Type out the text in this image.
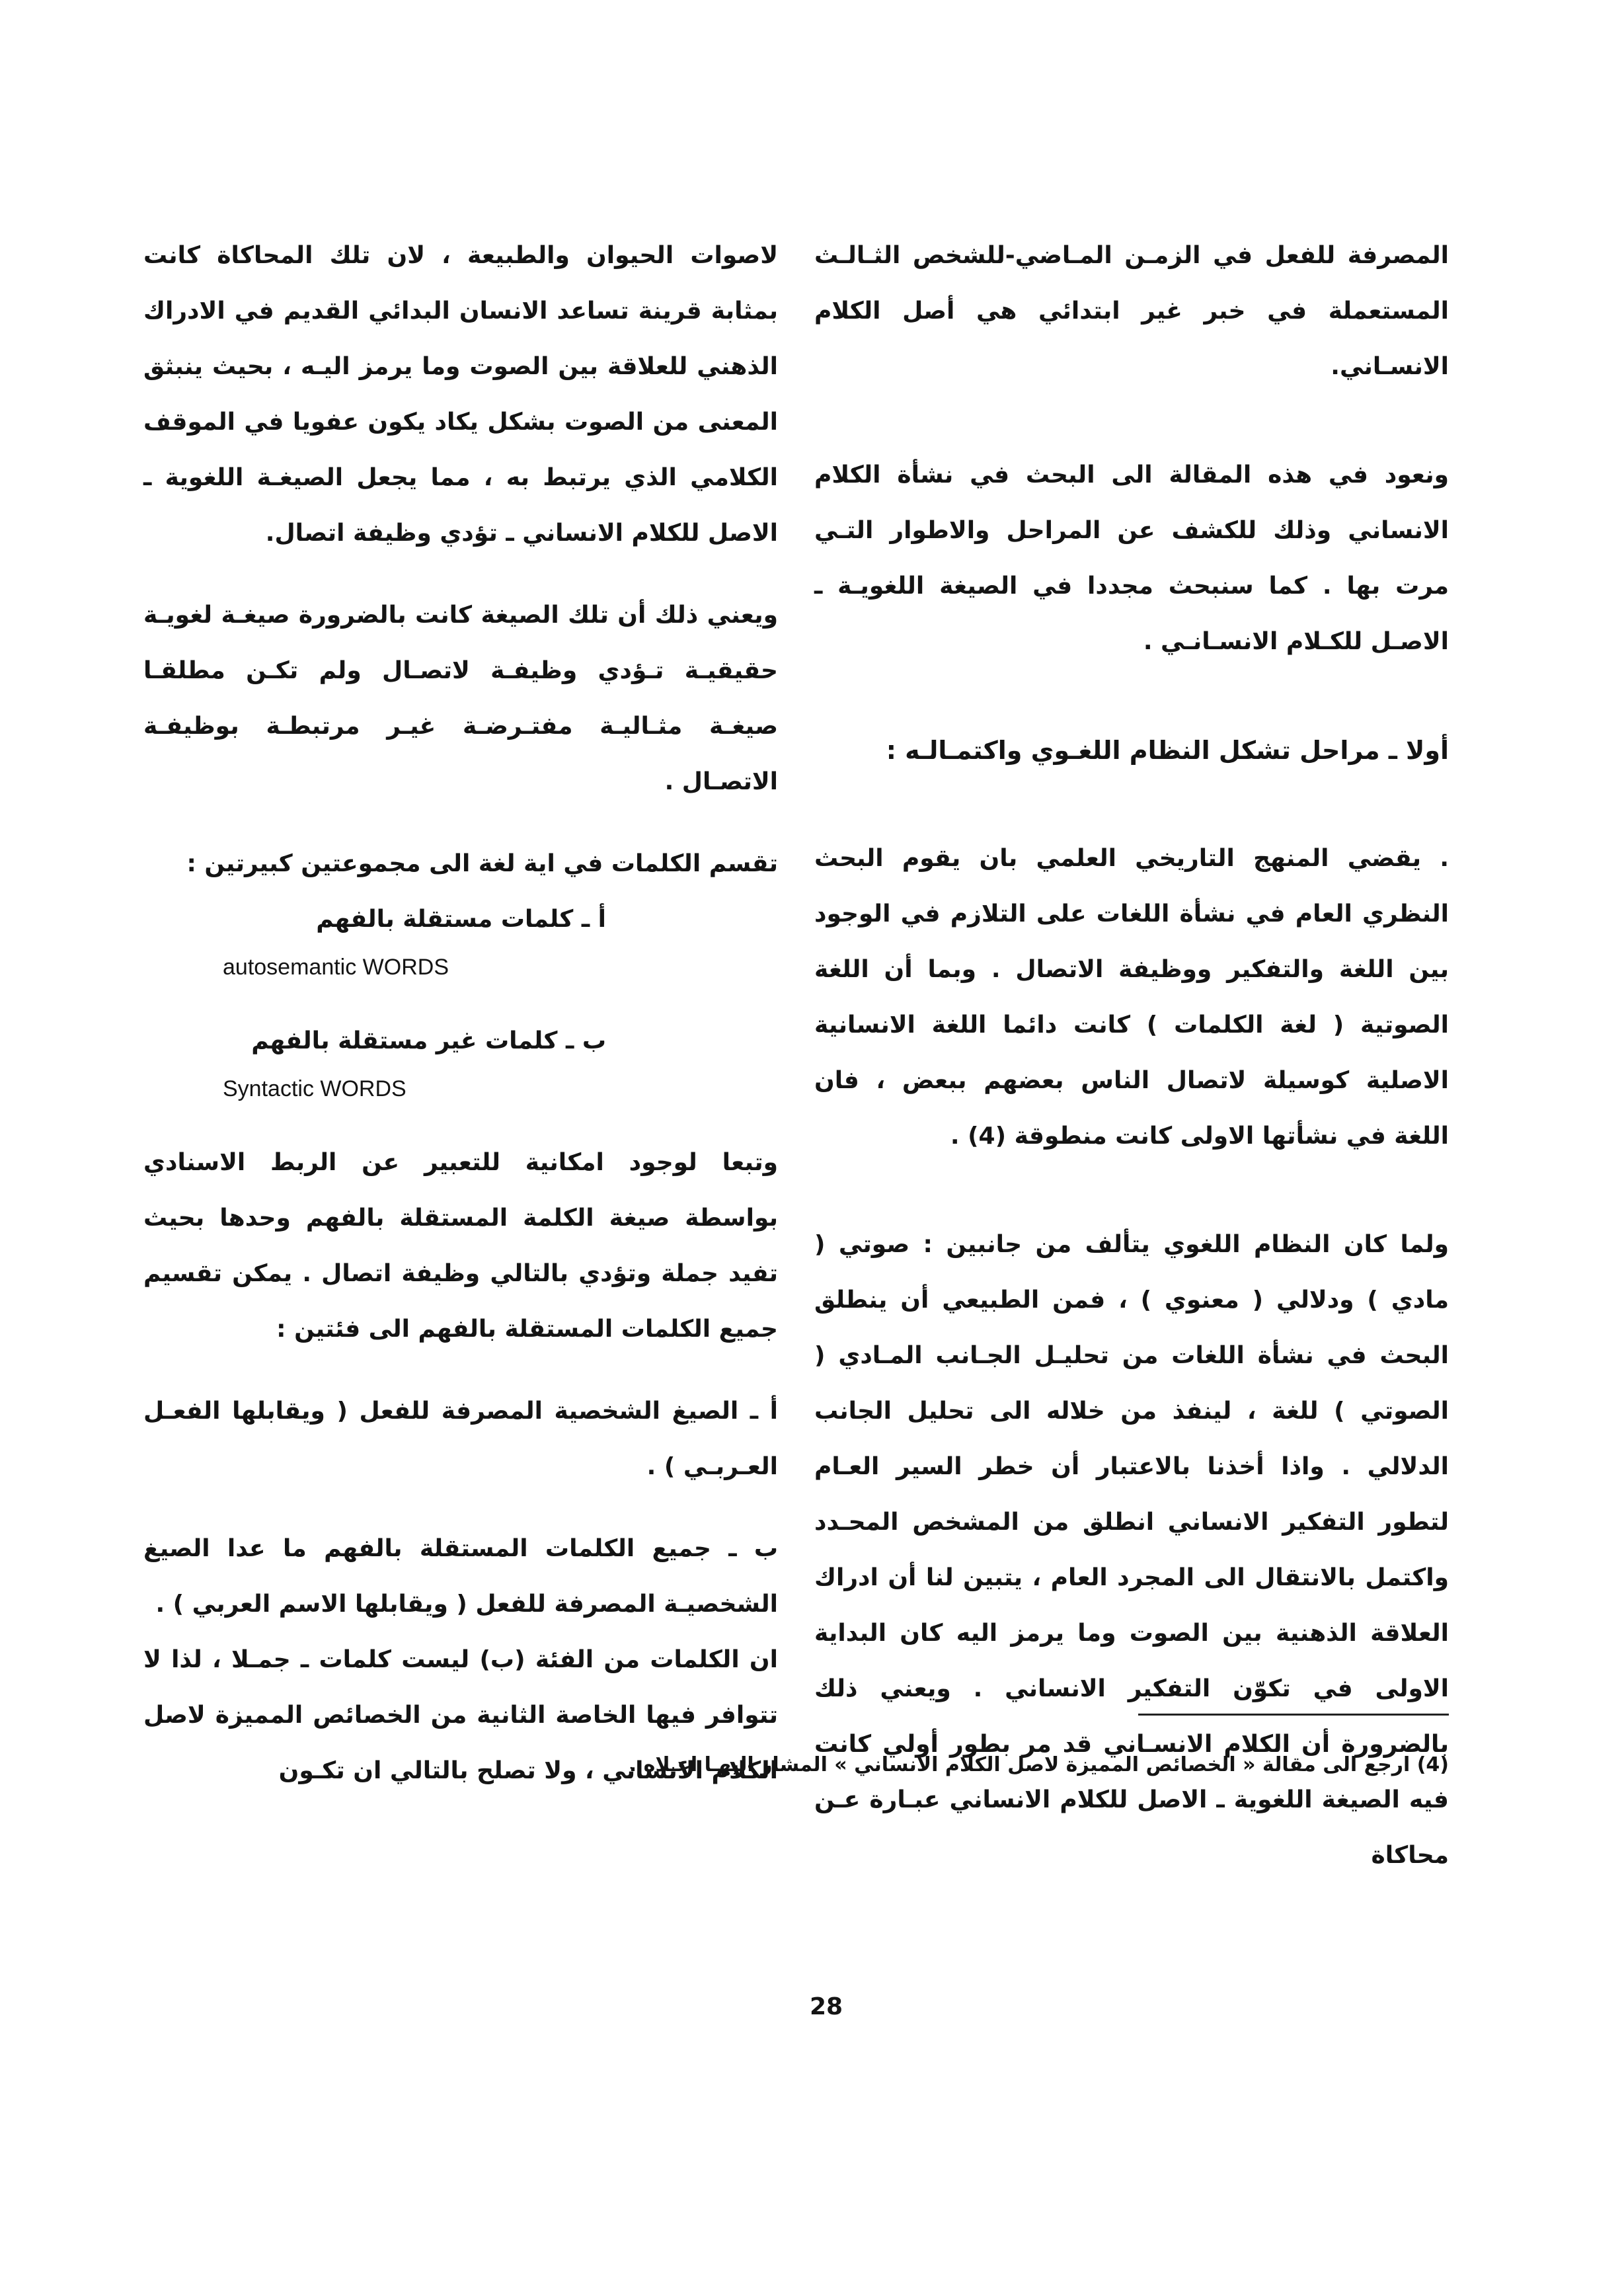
المصرفة للفعل في الزمـن المـاضي-للشخص الثـالـث المستعملة في خبر غير ابتدائي هي أصل الكلام الانسـاني.

ونعود في هذه المقالة الى البحث في نشأة الكلام الانساني وذلك للكشف عن المراحل والاطوار التـي مرت بها . كما سنبحث مجددا في الصيغة اللغويـة ـ الاصـل للكـلام الانسـانـي .

أولا ـ مراحل تشكل النظام اللغـوي واكتمـالـه :

. يقضي المنهج التاريخي العلمي بان يقوم البحث النظري العام في نشأة اللغات على التلازم في الوجود بين اللغة والتفكير ووظيفة الاتصال . وبما أن اللغة الصوتية ( لغة الكلمات ) كانت دائما اللغة الانسانية الاصلية كوسيلة لاتصال الناس بعضهم ببعض ، فان اللغة في نشأتها الاولى كانت منطوقة (4) .

ولما كان النظام اللغوي يتألف من جانبين : صوتي ( مادي ) ودلالي ( معنوي ) ، فمن الطبيعي أن ينطلق البحث في نشأة اللغات من تحليـل الجـانب المـادي ( الصوتي ) للغة ، لينفذ من خلاله الى تحليل الجانب الدلالي . واذا أخذنا بالاعتبار أن خطر السير العـام لتطور التفكير الانساني انطلق من المشخص المحـدد واكتمل بالانتقال الى المجرد العام ، يتبين لنا أن ادراك العلاقة الذهنية بين الصوت وما يرمز اليه كان البداية الاولى في تكوّن التفكير الانساني . ويعني ذلك بالضرورة أن الكلام الانسـاني قد مر بطور أولي كانت فيه الصيغة اللغوية ـ الاصل للكلام الانساني عبـارة عـن محاكاة

لاصوات الحيوان والطبيعة ، لان تلك المحاكاة كانت بمثابة قرينة تساعد الانسان البدائي القديم في الادراك الذهني للعلاقة بين الصوت وما يرمز اليـه ، بحيث ينبثق المعنى من الصوت بشكل يكاد يكون عفويا في الموقف الكلامي الذي يرتبط به ، مما يجعل الصيغـة اللغوية ـ الاصل للكلام الانساني ـ تؤدي وظيفة اتصال.

ويعني ذلك أن تلك الصيغة كانت بالضرورة صيغـة لغويـة حقيقيـة تـؤدي وظيفـة لاتصـال ولم تكـن مطلقـا صيغـة مثـاليـة مفتـرضـة غيـر مرتبطـة بوظيفـة الاتصـال .

تقسم الكلمات في اية لغة الى مجموعتين كبيرتين :

أ ـ كلمات مستقلة بالفهم

autosemantic WORDS

ب ـ كلمات غير مستقلة بالفهم

Syntactic WORDS

وتبعا لوجود امكانية للتعبير عن الربط الاسنادي بواسطة صيغة الكلمة المستقلة بالفهم وحدها بحيث تفيد جملة وتؤدي بالتالي وظيفة اتصال . يمكن تقسيم جميع الكلمات المستقلة بالفهم الى فئتين :

أ ـ الصيغ الشخصية المصرفة للفعل ( ويقابلها الفعـل العـربـي ) .

ب ـ جميع الكلمات المستقلة بالفهم ما عدا الصيغ الشخصيـة المصرفة للفعل ( ويقابلها الاسم العربي ) .

ان الكلمات من الفئة (ب) ليست كلمات ـ جمـلا ، لذا لا تتوافر فيها الخاصة الثانية من الخصائص المميزة لاصل الكلام الانساني ، ولا تصلح بالتالي ان تكـون

(4) ارجع الى مقالة « الخصائص المميزة لاصل الكلام الانساني » المشار اليهـا اعـلاه .
28
